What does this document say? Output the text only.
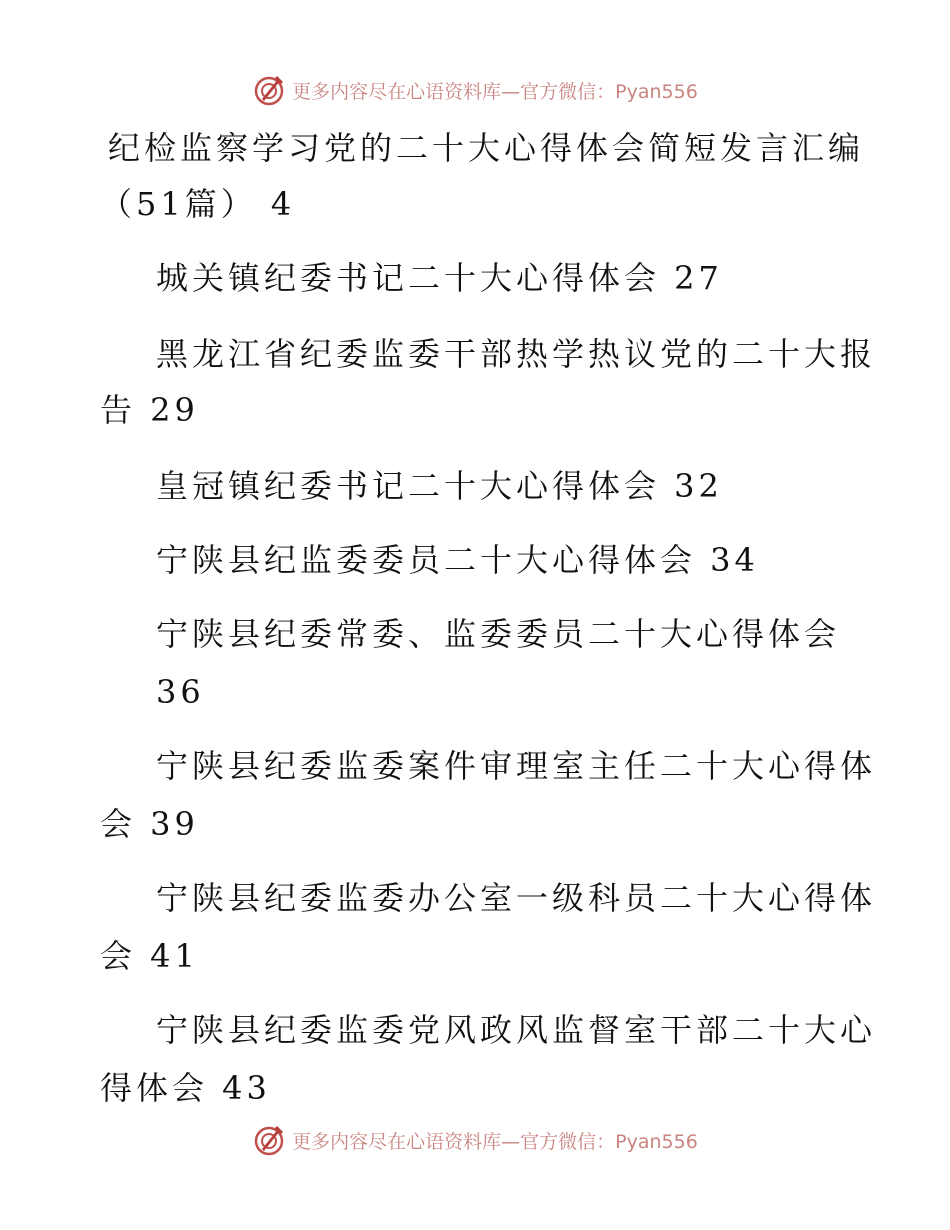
更多内容尽在心语资料库—官方微信：Pyan556
纪检监察学习党的二十大心得体会简短发言汇编
（51篇） 4
城关镇纪委书记二十大心得体会 27
黑龙江省纪委监委干部热学热议党的二十大报
告 29
皇冠镇纪委书记二十大心得体会 32
宁陕县纪监委委员二十大心得体会 34
宁陕县纪委常委、监委委员二十大心得体会
36
宁陕县纪委监委案件审理室主任二十大心得体
会 39
宁陕县纪委监委办公室一级科员二十大心得体
会 41
宁陕县纪委监委党风政风监督室干部二十大心
得体会 43
更多内容尽在心语资料库—官方微信：Pyan556
